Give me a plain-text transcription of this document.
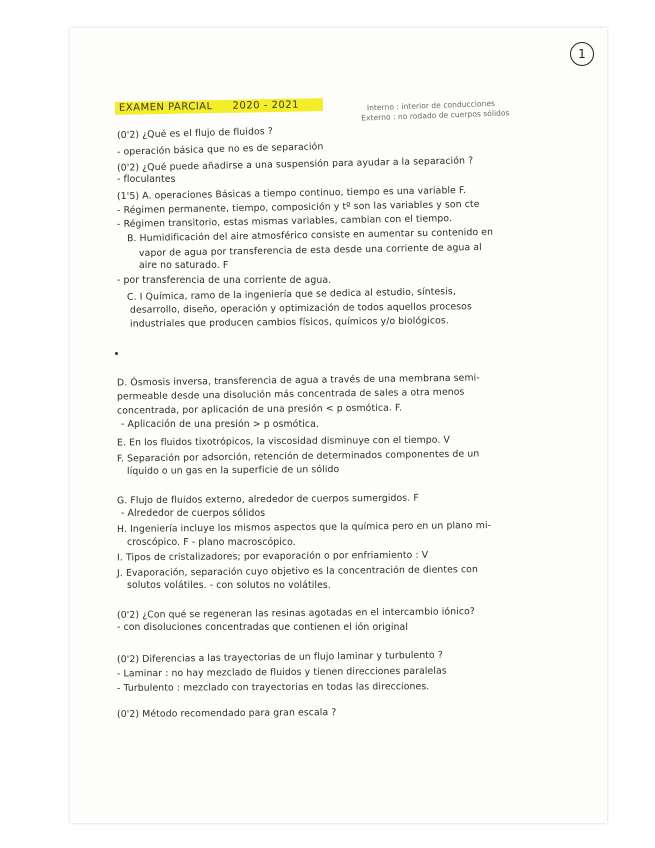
1
EXAMEN PARCIAL 2020 - 2021	Interno : interior de conducciones
Externo : no rodado de cuerpos sólidos
(0'2) ¿Qué es el flujo de fluidos ?
- operación básica que no es de separación
(0'2) ¿Qué puede añadirse a una suspensión para ayudar a la separación ?
- floculantes
(1'5) A. operaciones Básicas a tiempo continuo, tiempo es una variable F.
- Régimen permanente, tiempo, composición y tº son las variables y son cte
- Régimen transitorio, estas mismas variables, cambian con el tiempo.
B. Humidificación del aire atmosférico consiste en aumentar su contenido en
vapor de agua por transferencia de esta desde una corriente de agua al
aire no saturado. F
- por transferencia de una corriente de agua.
C. I Química, ramo de la ingeniería que se dedica al estudio, síntesis,
desarrollo, diseño, operación y optimización de todos aquellos procesos
industriales que producen cambios físicos, químicos y/o biológicos.
D. Ósmosis inversa, transferencia de agua a través de una membrana semi-
permeable desde una disolución más concentrada de sales a otra menos
concentrada, por aplicación de una presión < p osmótica. F.
- Aplicación de una presión > p osmótica.
E. En los fluidos tixotrópicos, la viscosidad disminuye con el tiempo. V
F. Separación por adsorción, retención de determinados componentes de un
líquido o un gas en la superficie de un sólido
G. Flujo de fluidos externo, alrededor de cuerpos sumergidos. F
- Alrededor de cuerpos sólidos
H. Ingeniería incluye los mismos aspectos que la química pero en un plano mi-
croscópico. F - plano macroscópico.
I. Tipos de cristalizadores; por evaporación o por enfriamiento : V
J. Evaporación, separación cuyo objetivo es la concentración de dientes con
solutos volátiles. - con solutos no volátiles.
(0'2) ¿Con qué se regeneran las resinas agotadas en el intercambio iónico?
- con disoluciones concentradas que contienen el ión original
(0'2) Diferencias a las trayectorias de un flujo laminar y turbulento ?
- Laminar : no hay mezclado de fluidos y tienen direcciones paralelas
- Turbulento : mezclado con trayectorias en todas las direcciones.
(0'2) Método recomendado para gran escala ?
